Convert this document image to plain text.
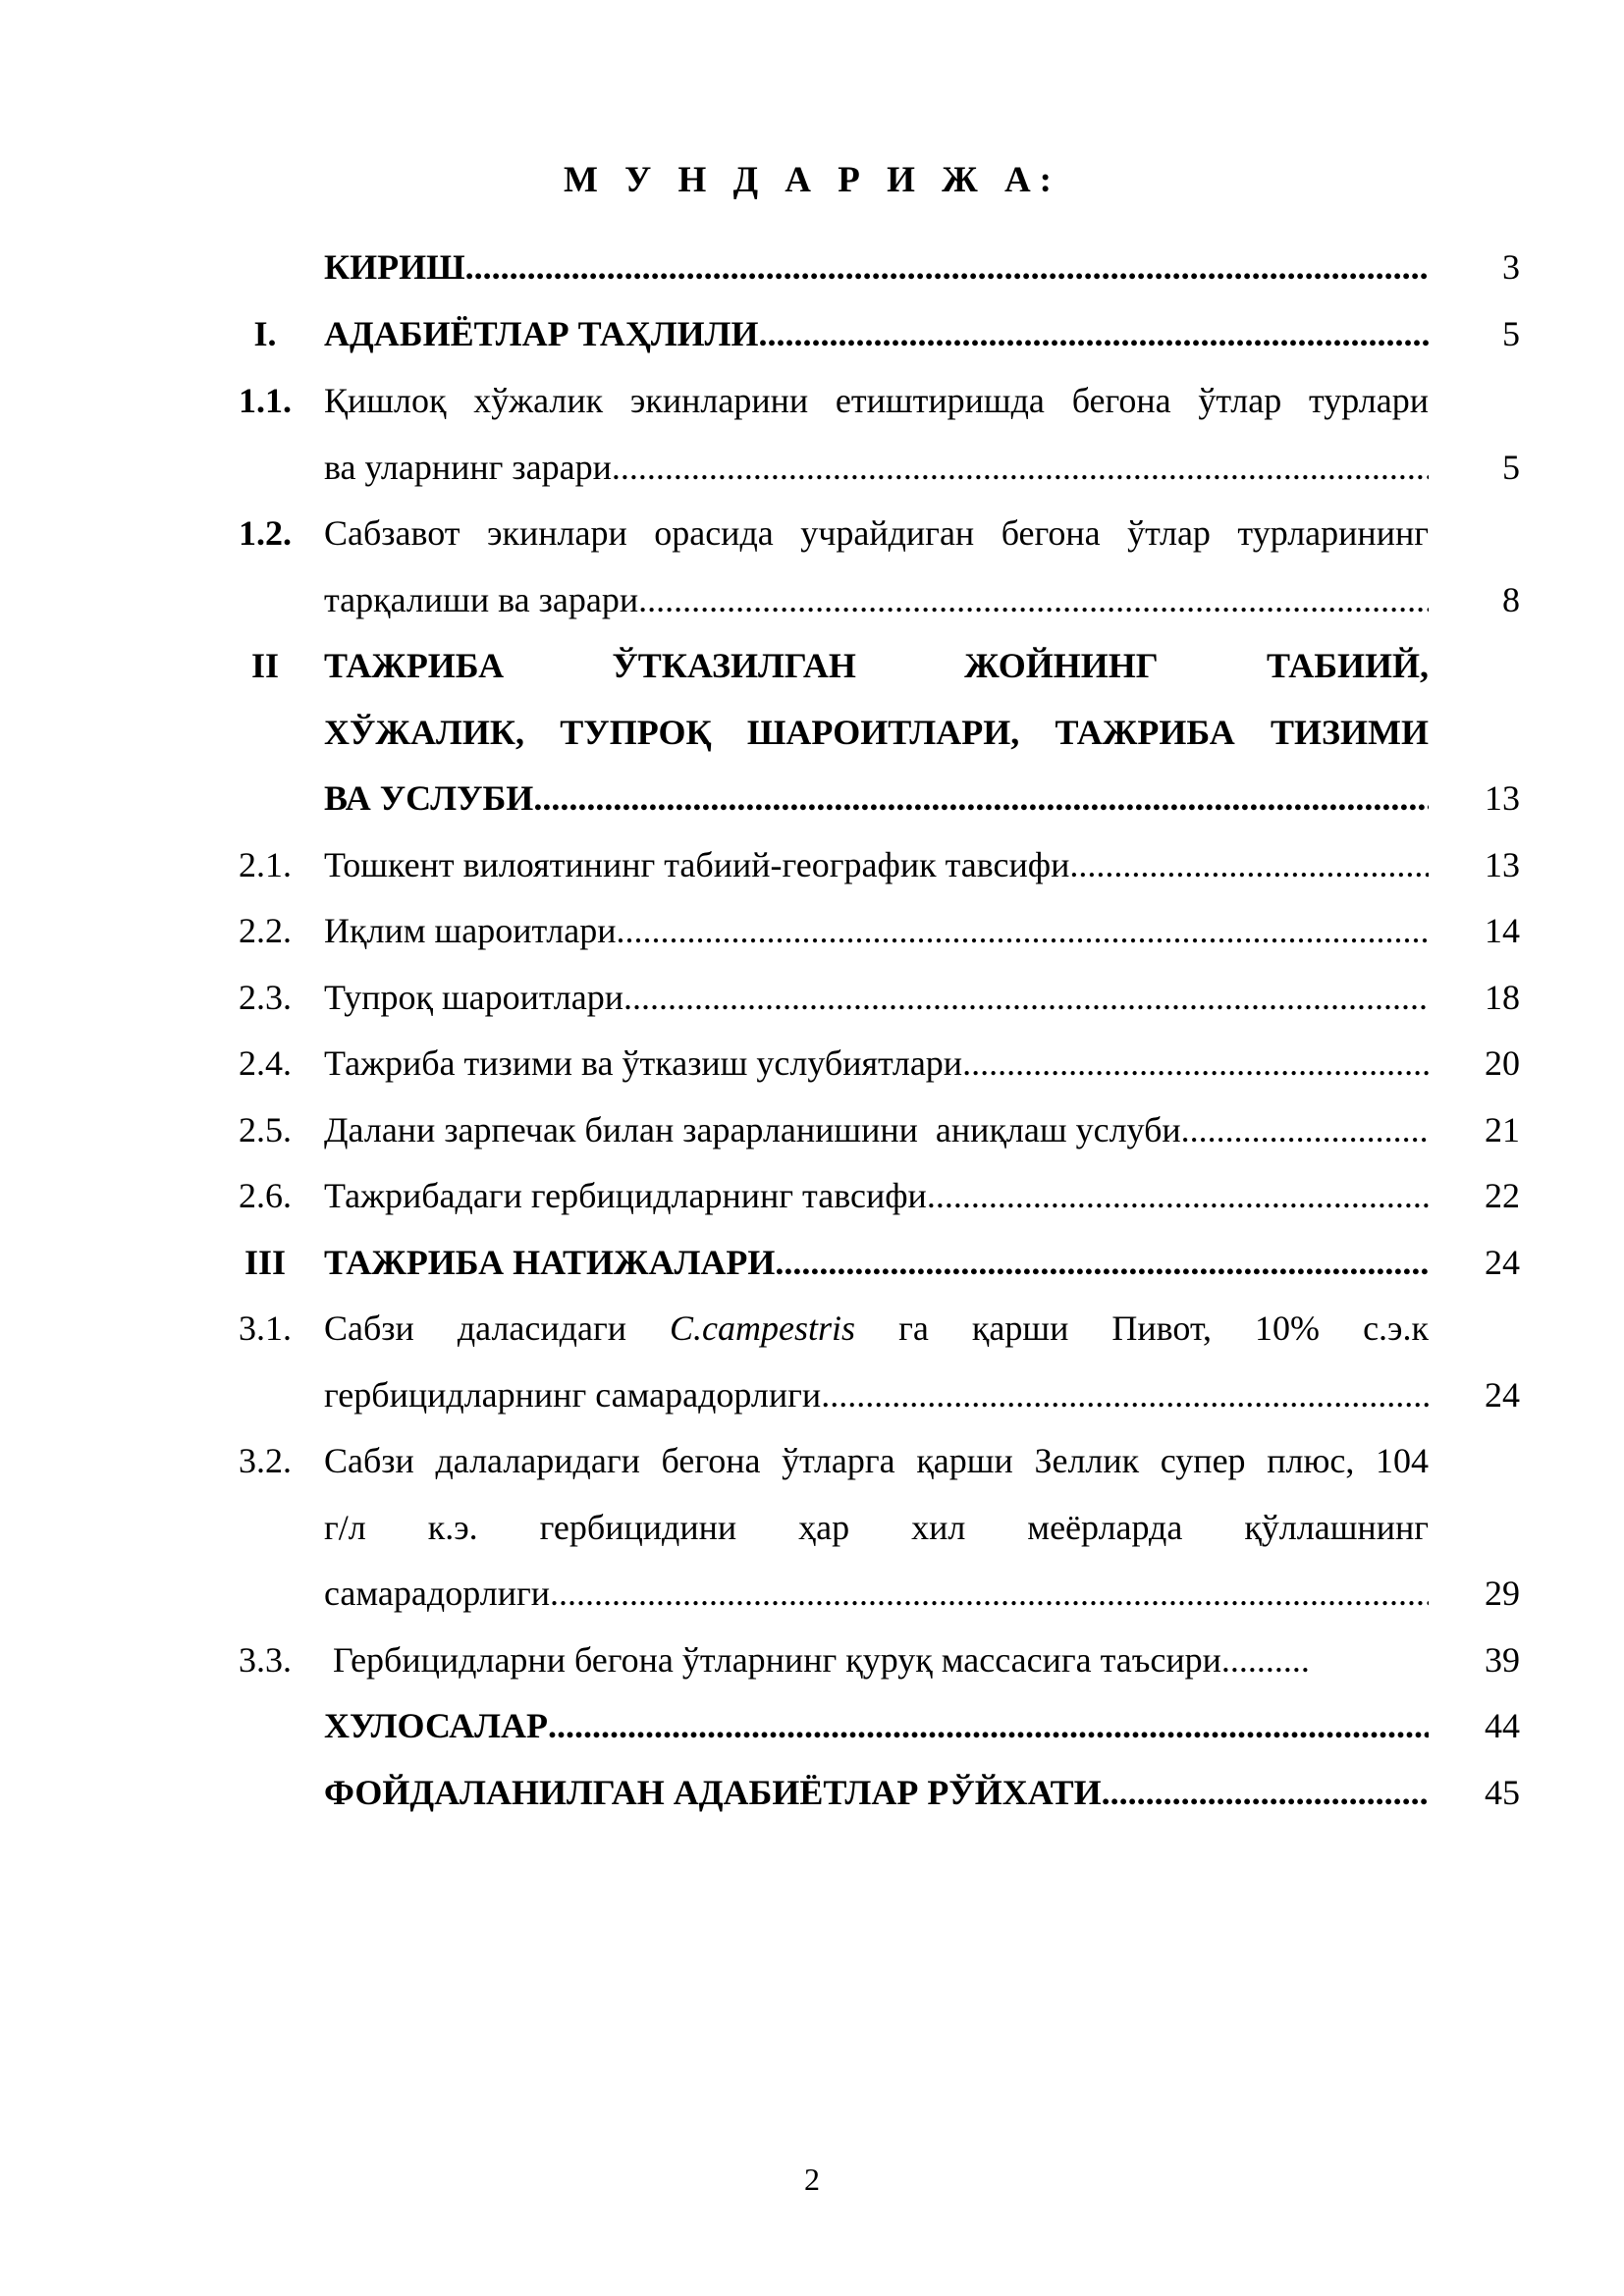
М У Н Д А Р И Ж А:
КИРИШ .....	3
I.	АДАБИЁТЛАР ТАҲЛИЛИ .....	5
1.1. Қишлоқ хўжалик экинларини етиштиришда бегона ўтлар турлари
ва уларнинг зарари .....	5
1.2. Сабзавот экинлари орасида учрайдиган бегона ўтлар турларининг
тарқалиши ва зарари .....	8
II	ТАЖРИБА ЎТКАЗИЛГАН ЖОЙНИНГ ТАБИИЙ,
ХЎЖАЛИК, ТУПРОҚ ШАРОИТЛАРИ, ТАЖРИБА ТИЗИМИ
ВА УСЛУБИ .....	13
2.1. Тошкент вилоятининг табиий-географик тавсифи .....	13
2.2. Иқлим шароитлари .....	14
2.3. Тупроқ шароитлари .....	18
2.4. Тажриба тизими ва ўтказиш услубиятлари .....	20
2.5. Далани зарпечак билан зарарланишини  аниқлаш услуби .....	21
2.6. Тажрибадаги гербицидларнинг тавсифи .....	22
III	ТАЖРИБА НАТИЖАЛАРИ .....	24
3.1. Сабзи даласидаги C.campestris га қарши Пивот, 10% с.э.к
гербицидларнинг самарадорлиги .....	24
3.2. Сабзи далаларидаги бегона ўтларга қарши Зеллик супер плюс, 104
г/л к.э. гербицидини ҳар хил меёрларда қўллашнинг
самарадорлиги .....	29
3.3. Гербицидларни бегона ўтларнинг қуруқ массасига таъсири .....	39
ХУЛОСАЛАР .....	44
ФОЙДАЛАНИЛГАН АДАБИЁТЛАР РЎЙХАТИ .....	45
2
